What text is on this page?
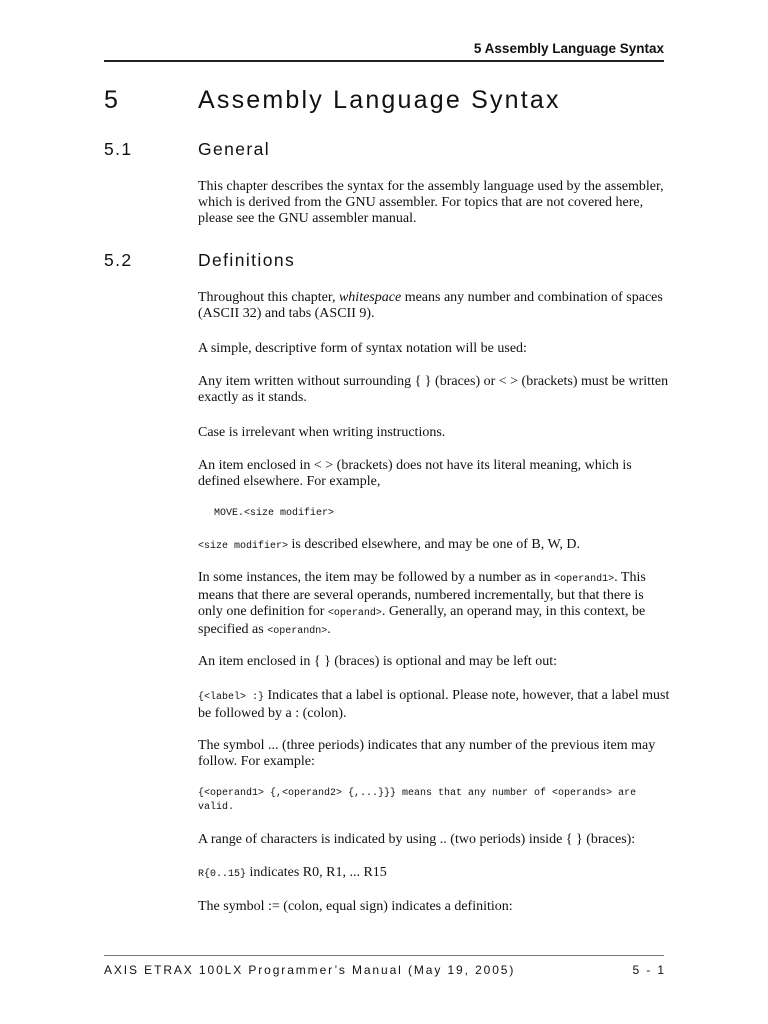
5 Assembly Language Syntax
5	Assembly Language Syntax
5.1	General

This chapter describes the syntax for the assembly language used by the assembler, which is derived from the GNU assembler. For topics that are not covered here, please see the GNU assembler manual.

5.2	Definitions

Throughout this chapter, whitespace means any number and combination of spaces (ASCII 32) and tabs (ASCII 9).

A simple, descriptive form of syntax notation will be used:

Any item written without surrounding { } (braces) or < > (brackets) must be written exactly as it stands.

Case is irrelevant when writing instructions.

An item enclosed in < > (brackets) does not have its literal meaning, which is defined elsewhere. For example,

MOVE.<size modifier>

<size modifier> is described elsewhere, and may be one of B, W, D.

In some instances, the item may be followed by a number as in <operand1>. This means that there are several operands, numbered incrementally, but that there is only one definition for <operand>. Generally, an operand may, in this context, be specified as <operandn>.

An item enclosed in { } (braces) is optional and may be left out:

{<label> :} Indicates that a label is optional. Please note, however, that a label must be followed by a : (colon).

The symbol ... (three periods) indicates that any number of the previous item may follow. For example:

{<operand1> {,<operand2> {,...}}} means that any number of <operands> are valid.

A range of characters is indicated by using .. (two periods) inside { } (braces):

R{0..15} indicates R0, R1, ... R15

The symbol := (colon, equal sign) indicates a definition:

AXIS ETRAX 100LX Programmer’s Manual (May 19, 2005)	5 - 1
